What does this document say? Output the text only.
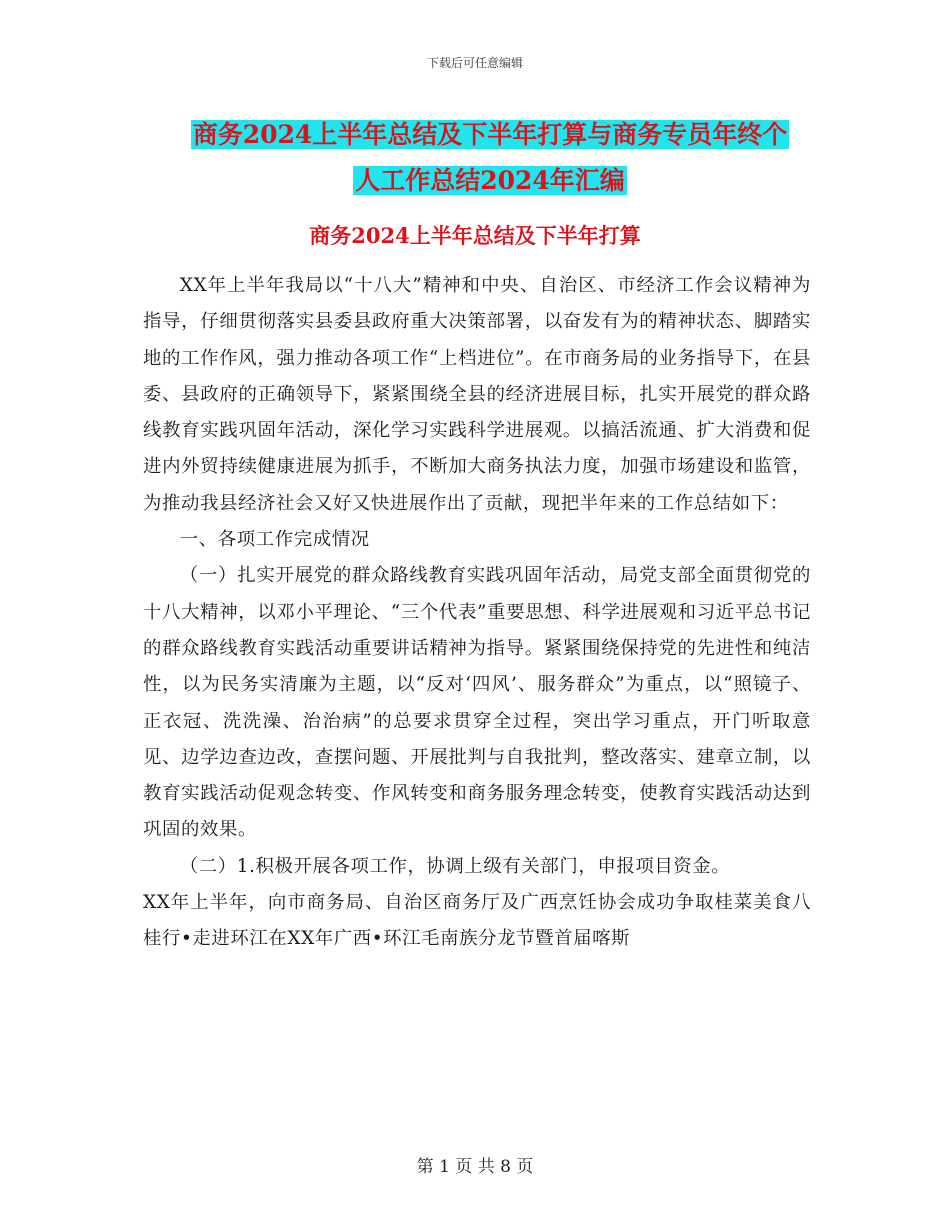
下载后可任意编辑
商务2024上半年总结及下半年打算与商务专员年终个
人工作总结2024年汇编
商务2024上半年总结及下半年打算

XX年上半年我局以“十八大”精神和中央、自治区、市经济工作会议精神为指导，仔细贯彻落实县委县政府重大决策部署，以奋发有为的精神状态、脚踏实地的工作作风，强力推动各项工作“上档进位”。在市商务局的业务指导下，在县委、县政府的正确领导下，紧紧围绕全县的经济进展目标，扎实开展党的群众路线教育实践巩固年活动，深化学习实践科学进展观。以搞活流通、扩大消费和促进内外贸持续健康进展为抓手，不断加大商务执法力度，加强市场建设和监管，为推动我县经济社会又好又快进展作出了贡献，现把半年来的工作总结如下：

一、各项工作完成情况

（一）扎实开展党的群众路线教育实践巩固年活动，局党支部全面贯彻党的十八大精神，以邓小平理论、“三个代表”重要思想、科学进展观和习近平总书记的群众路线教育实践活动重要讲话精神为指导。紧紧围绕保持党的先进性和纯洁性，以为民务实清廉为主题，以“反对‘四风’、服务群众”为重点，以“照镜子、正衣冠、洗洗澡、治治病”的总要求贯穿全过程，突出学习重点，开门听取意见、边学边查边改，查摆问题、开展批判与自我批判，整改落实、建章立制，以教育实践活动促观念转变、作风转变和商务服务理念转变，使教育实践活动达到巩固的效果。

（二）1.积极开展各项工作，协调上级有关部门，申报项目资金。

XX年上半年，向市商务局、自治区商务厅及广西烹饪协会成功争取桂菜美食八桂行•走进环江在XX年广西•环江毛南族分龙节暨首届喀斯

第 1 页 共 8 页
